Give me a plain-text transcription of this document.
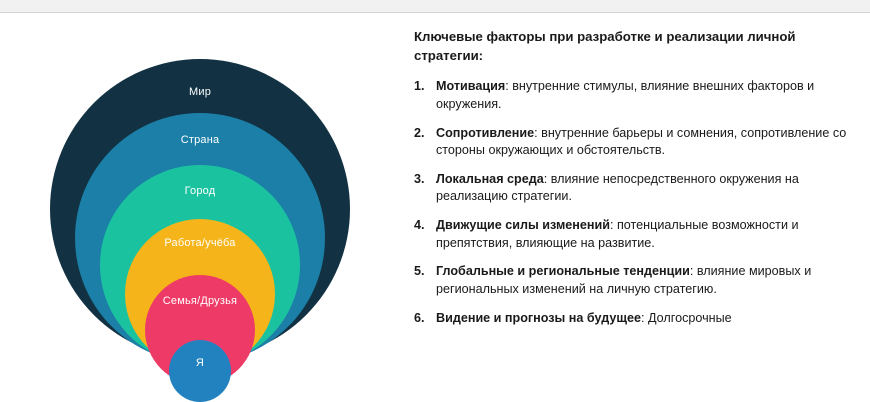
Мир
Страна
Город
Работа/учёба
Семья/Друзья
Я
Ключевые факторы при разработке и реализации личной стратегии:
1. Мотивация: внутренние стимулы, влияние внешних факторов и окружения.
2. Сопротивление: внутренние барьеры и сомнения, сопротивление со стороны окружающих и обстоятельств.
3. Локальная среда: влияние непосредственного окружения на реализацию стратегии.
4. Движущие силы изменений: потенциальные возможности и препятствия, влияющие на развитие.
5. Глобальные и региональные тенденции: влияние мировых и региональных изменений на личную стратегию.
6. Видение и прогнозы на будущее: Долгосрочные
